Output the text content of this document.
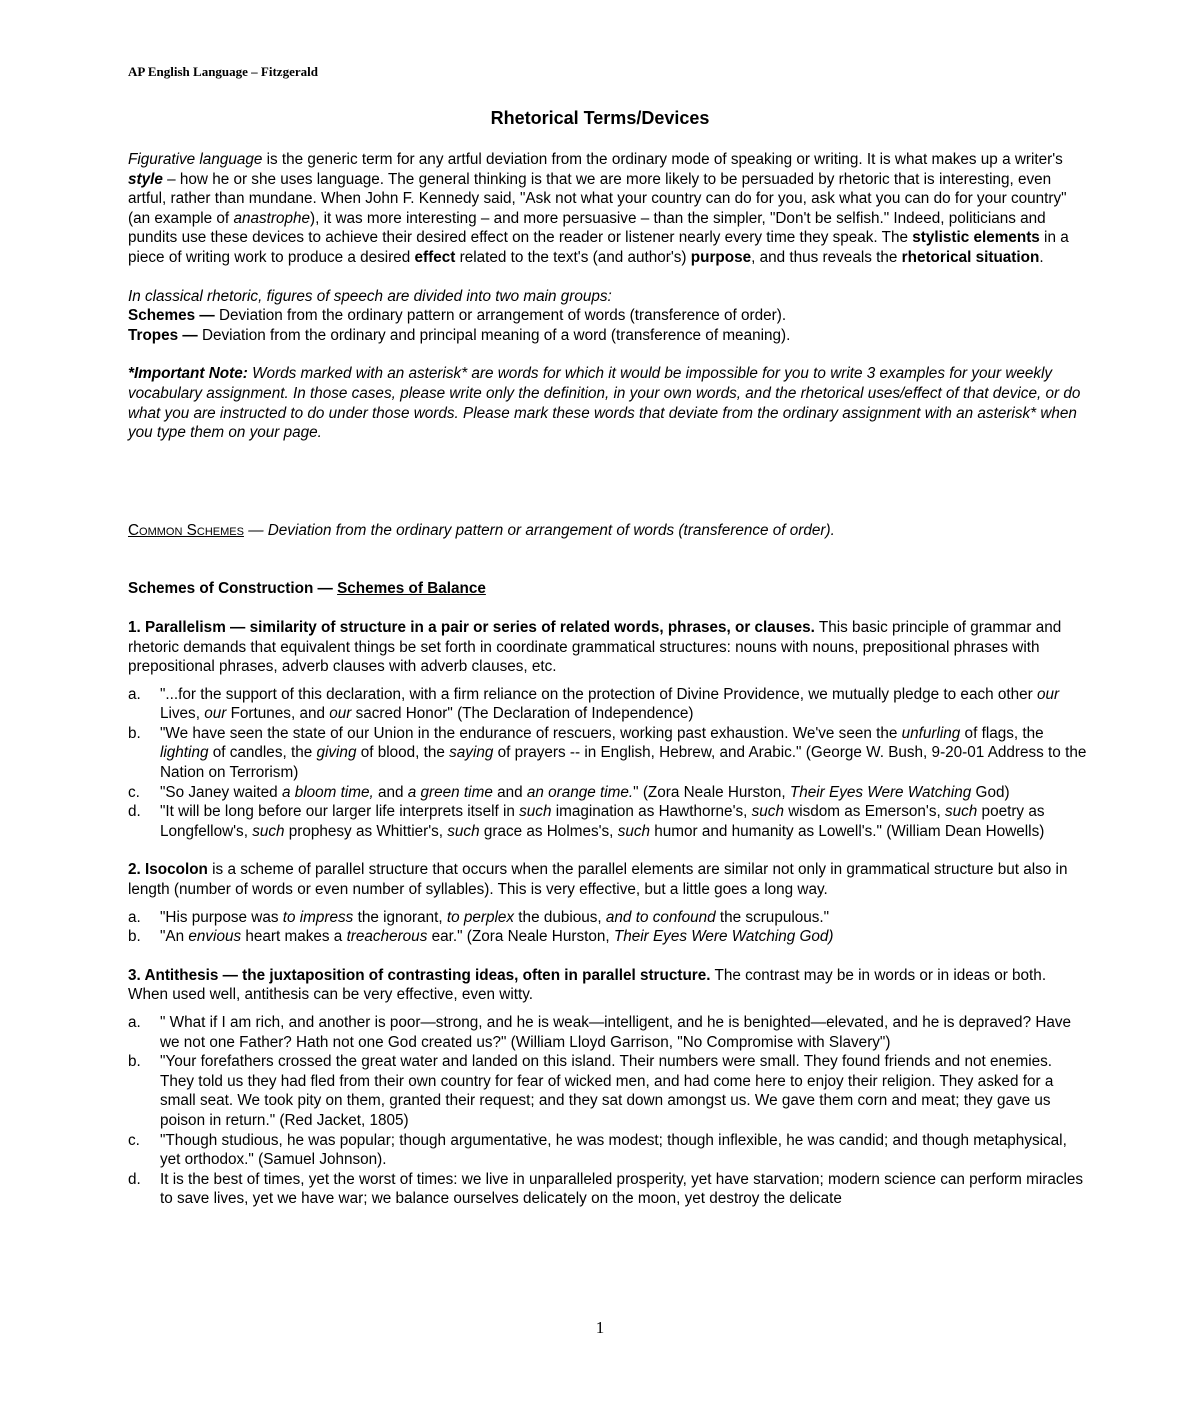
AP English Language – Fitzgerald
Rhetorical Terms/Devices

Figurative language is the generic term for any artful deviation from the ordinary mode of speaking or writing. It is what makes up a writer's style – how he or she uses language. The general thinking is that we are more likely to be persuaded by rhetoric that is interesting, even artful, rather than mundane. When John F. Kennedy said, "Ask not what your country can do for you, ask what you can do for your country" (an example of anastrophe), it was more interesting – and more persuasive – than the simpler, "Don't be selfish." Indeed, politicians and pundits use these devices to achieve their desired effect on the reader or listener nearly every time they speak. The stylistic elements in a piece of writing work to produce a desired effect related to the text's (and author's) purpose, and thus reveals the rhetorical situation.

In classical rhetoric, figures of speech are divided into two main groups:

Schemes — Deviation from the ordinary pattern or arrangement of words (transference of order).

Tropes — Deviation from the ordinary and principal meaning of a word (transference of meaning).

*Important Note: Words marked with an asterisk* are words for which it would be impossible for you to write 3 examples for your weekly vocabulary assignment. In those cases, please write only the definition, in your own words, and the rhetorical uses/effect of that device, or do what you are instructed to do under those words. Please mark these words that deviate from the ordinary assignment with an asterisk* when you type them on your page.

Common Schemes — Deviation from the ordinary pattern or arrangement of words (transference of order).

Schemes of Construction — Schemes of Balance

1. Parallelism — similarity of structure in a pair or series of related words, phrases, or clauses. This basic principle of grammar and rhetoric demands that equivalent things be set forth in coordinate grammatical structures: nouns with nouns, prepositional phrases with prepositional phrases, adverb clauses with adverb clauses, etc.

a. "...for the support of this declaration, with a firm reliance on the protection of Divine Providence, we mutually pledge to each other our Lives, our Fortunes, and our sacred Honor" (The Declaration of Independence)
b. "We have seen the state of our Union in the endurance of rescuers, working past exhaustion. We've seen the unfurling of flags, the lighting of candles, the giving of blood, the saying of prayers -- in English, Hebrew, and Arabic." (George W. Bush, 9-20-01 Address to the Nation on Terrorism)
c. "So Janey waited a bloom time, and a green time and an orange time." (Zora Neale Hurston, Their Eyes Were Watching God)
d. "It will be long before our larger life interprets itself in such imagination as Hawthorne's, such wisdom as Emerson's, such poetry as Longfellow's, such prophesy as Whittier's, such grace as Holmes's, such humor and humanity as Lowell's." (William Dean Howells)

2. Isocolon is a scheme of parallel structure that occurs when the parallel elements are similar not only in grammatical structure but also in length (number of words or even number of syllables). This is very effective, but a little goes a long way.

a. "His purpose was to impress the ignorant, to perplex the dubious, and to confound the scrupulous."
b. "An envious heart makes a treacherous ear." (Zora Neale Hurston, Their Eyes Were Watching God)

3. Antithesis — the juxtaposition of contrasting ideas, often in parallel structure. The contrast may be in words or in ideas or both. When used well, antithesis can be very effective, even witty.

a. " What if I am rich, and another is poor—strong, and he is weak—intelligent, and he is benighted—elevated, and he is depraved? Have we not one Father? Hath not one God created us?" (William Lloyd Garrison, "No Compromise with Slavery")
b. "Your forefathers crossed the great water and landed on this island. Their numbers were small. They found friends and not enemies. They told us they had fled from their own country for fear of wicked men, and had come here to enjoy their religion. They asked for a small seat. We took pity on them, granted their request; and they sat down amongst us. We gave them corn and meat; they gave us poison in return." (Red Jacket, 1805)
c. "Though studious, he was popular; though argumentative, he was modest; though inflexible, he was candid; and though metaphysical, yet orthodox." (Samuel Johnson).
d. It is the best of times, yet the worst of times: we live in unparalleled prosperity, yet have starvation; modern science can perform miracles to save lives, yet we have war; we balance ourselves delicately on the moon, yet destroy the delicate
1
